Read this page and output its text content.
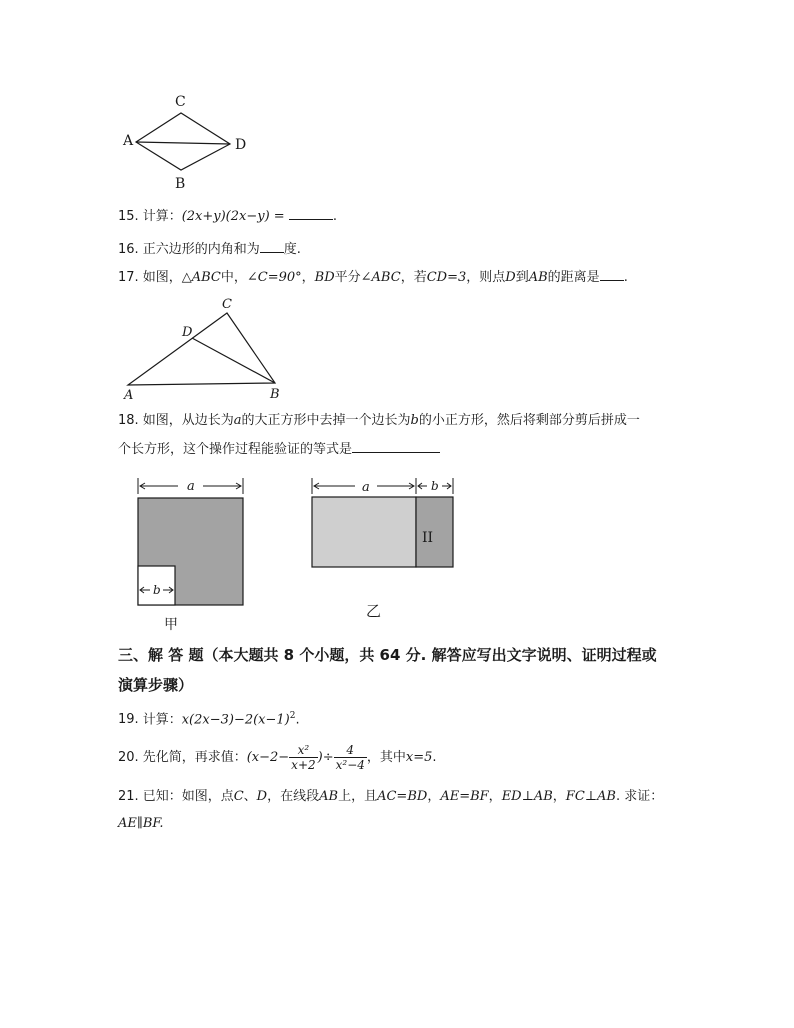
C
A	D
B
15. 计算：(2x+y)(2x−y) =	.
16. 正六边形的内角和为 度.
17. 如图，△ABC中，∠C=90°，BD平分∠ABC，若CD=3，则点D到AB的距离是 .
C
D
A	B
18. 如图，从边长为a的大正方形中去掉一个边长为b的小正方形，然后将剩部分剪后拼成一
个长方形，这个操作过程能验证的等式是
a
b
甲
a	b
II
乙
三、解 答 题（本大题共 8 个小题，共 64 分. 解答应写出文字说明、证明过程或
演算步骤）
19. 计算：$x(2x-3)-2(x-1)^2$.
20. 先化简，再求值：($x-2- \frac{\text{x²}}{x+2}$ )÷ $\frac{4}{\text{x²−4}}$ ，其中x=5.
21. 已知：如图，点C、D，在线段AB上，且AC=BD，AE=BF，ED⊥AB，FC⊥AB. 求证：
AE∥BF.
